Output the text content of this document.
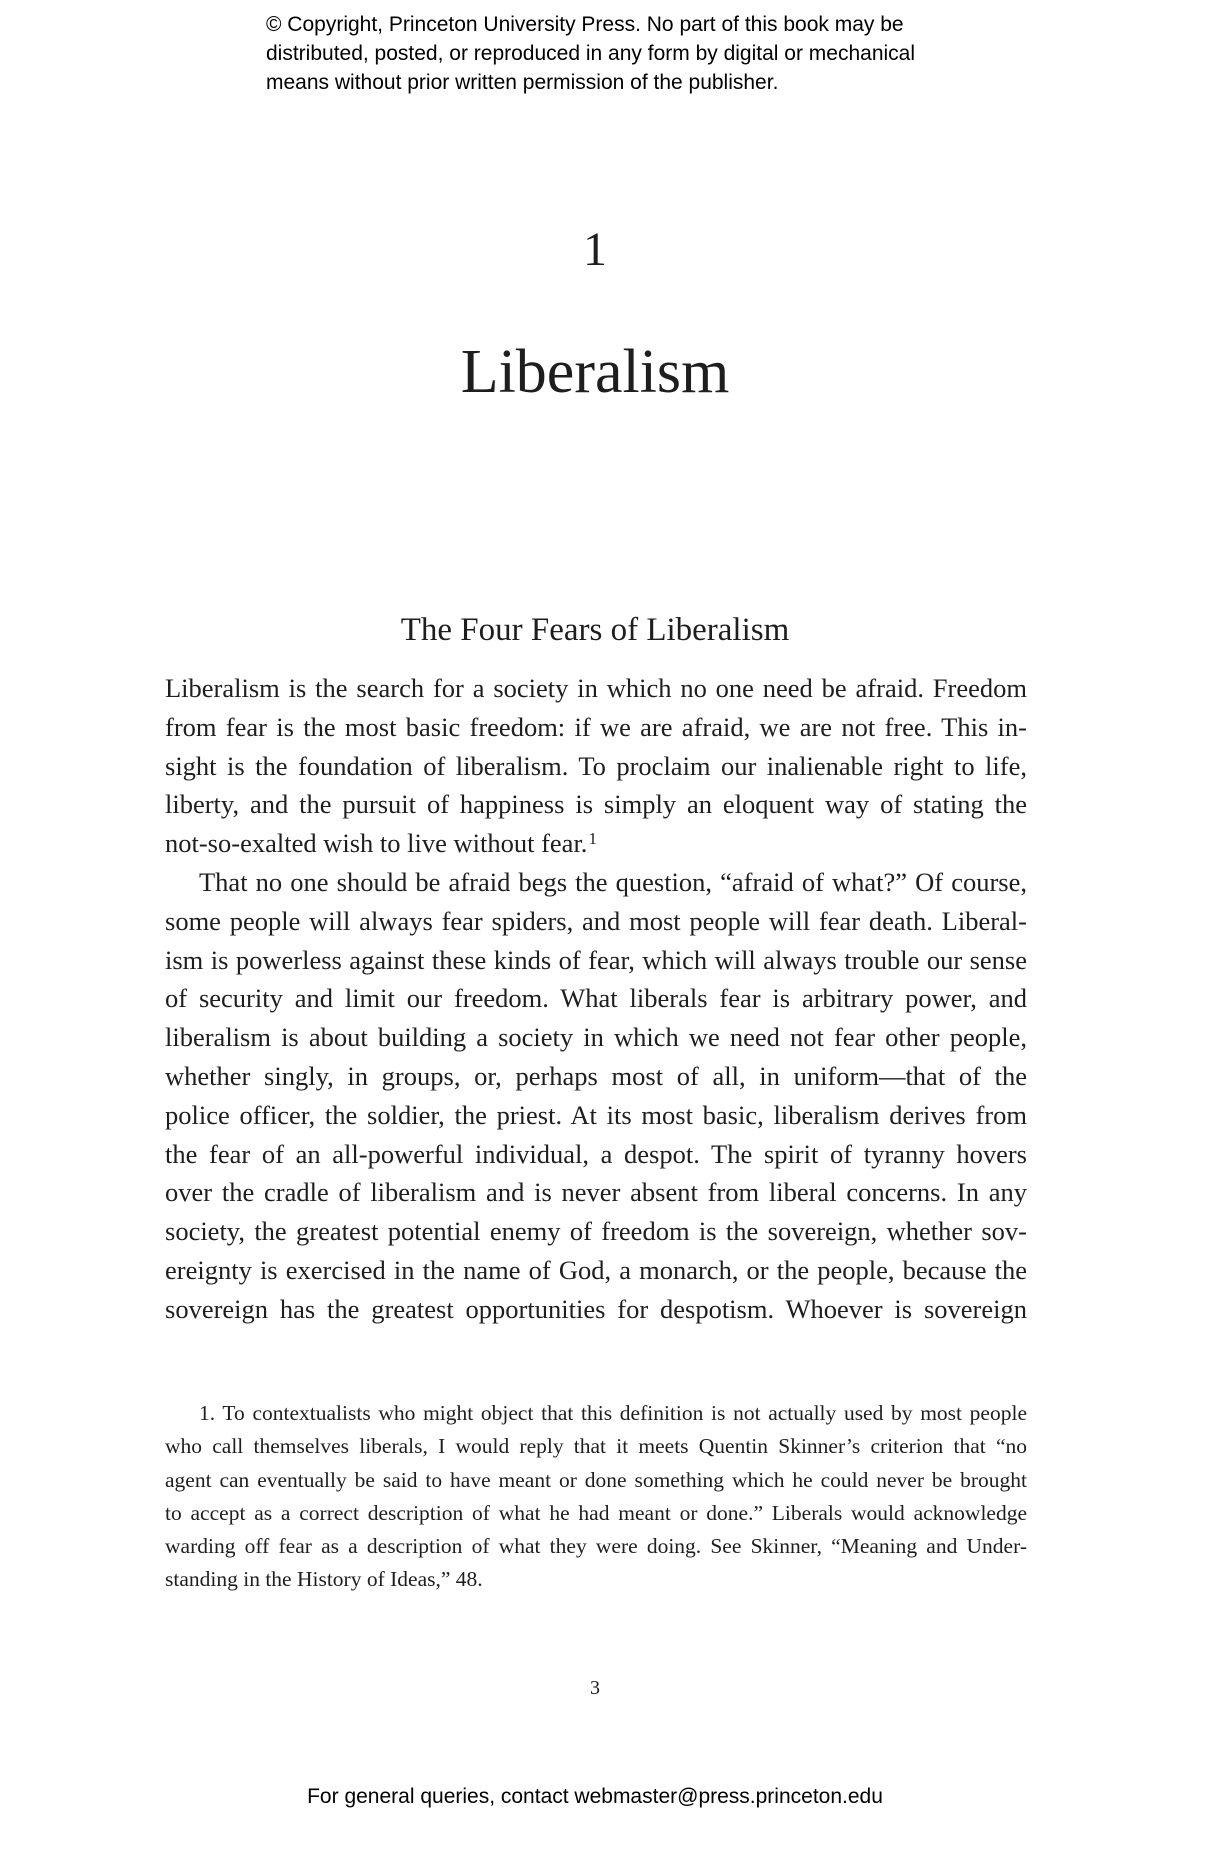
© Copyright, Princeton University Press. No part of this book may be
distributed, posted, or reproduced in any form by digital or mechanical
means without prior written permission of the publisher.
1
Liberalism
The Four Fears of Liberalism
Liberalism is the search for a society in which no one need be afraid. Freedom
from fear is the most basic freedom: if we are afraid, we are not free. This in-
sight is the foundation of liberalism. To proclaim our inalienable right to life,
liberty, and the pursuit of happiness is simply an eloquent way of stating the
not-so-exalted wish to live without fear.$^1$
That no one should be afraid begs the question, “afraid of what?” Of course,
some people will always fear spiders, and most people will fear death. Liberal-
ism is powerless against these kinds of fear, which will always trouble our sense
of security and limit our freedom. What liberals fear is arbitrary power, and
liberalism is about building a society in which we need not fear other people,
whether singly, in groups, or, perhaps most of all, in uniform—that of the
police officer, the soldier, the priest. At its most basic, liberalism derives from
the fear of an all-powerful individual, a despot. The spirit of tyranny hovers
over the cradle of liberalism and is never absent from liberal concerns. In any
society, the greatest potential enemy of freedom is the sovereign, whether sov-
ereignty is exercised in the name of God, a monarch, or the people, because the
sovereign has the greatest opportunities for despotism. Whoever is sovereign
1. To contextualists who might object that this definition is not actually used by most people
who call themselves liberals, I would reply that it meets Quentin Skinner’s criterion that “no
agent can eventually be said to have meant or done something which he could never be brought
to accept as a correct description of what he had meant or done.” Liberals would acknowledge
warding off fear as a description of what they were doing. See Skinner, “Meaning and Under-
standing in the History of Ideas,” 48.
3
For general queries, contact webmaster@press.princeton.edu
